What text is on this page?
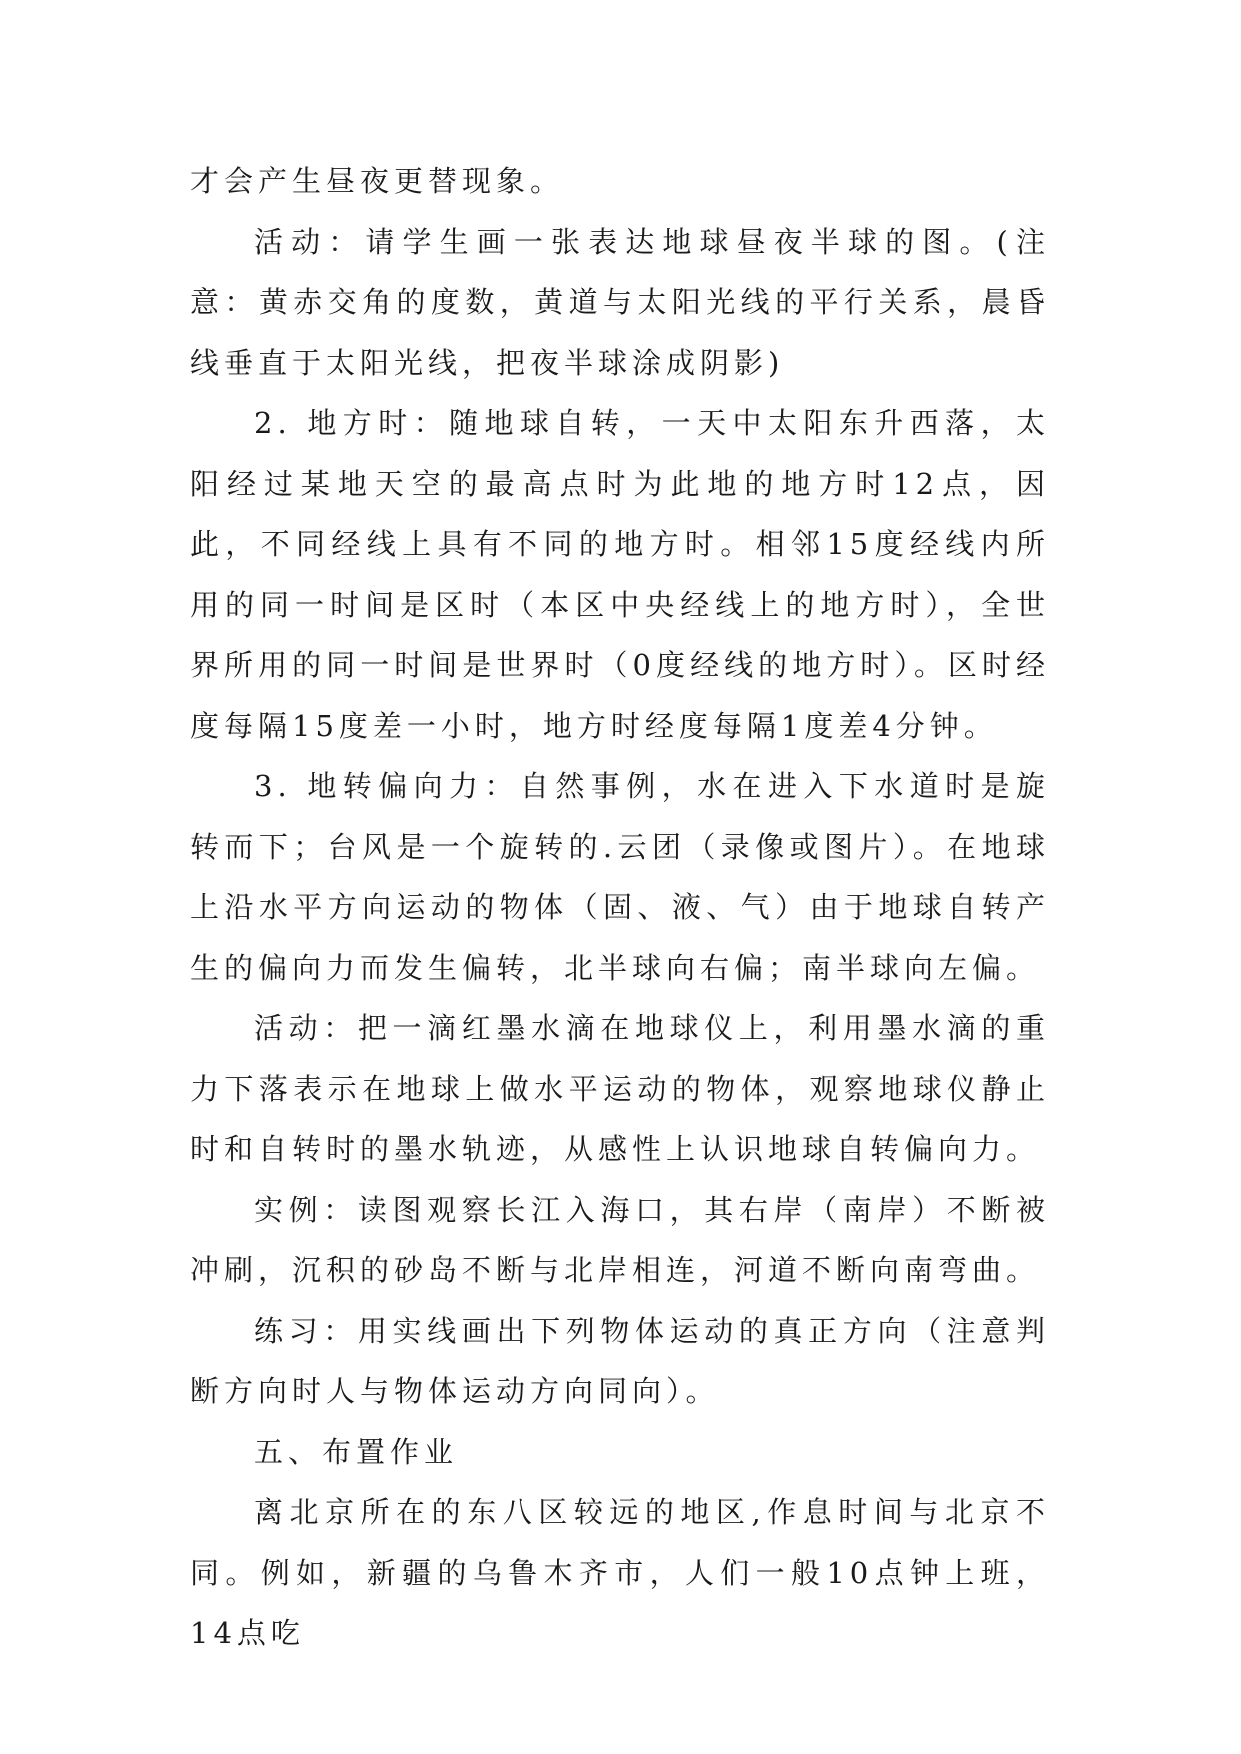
才会产生昼夜更替现象。

活动：请学生画一张表达地球昼夜半球的图。(注意：黄赤交角的度数，黄道与太阳光线的平行关系，晨昏线垂直于太阳光线，把夜半球涂成阴影)

2. 地方时：随地球自转，一天中太阳东升西落，太阳经过某地天空的最高点时为此地的地方时12点，因此，不同经线上具有不同的地方时。相邻15度经线内所用的同一时间是区时（本区中央经线上的地方时），全世界所用的同一时间是世界时（0度经线的地方时）。区时经度每隔15度差一小时，地方时经度每隔1度差4分钟。

3. 地转偏向力：自然事例，水在进入下水道时是旋转而下；台风是一个旋转的.云团（录像或图片）。在地球上沿水平方向运动的物体（固、液、气）由于地球自转产生的偏向力而发生偏转，北半球向右偏；南半球向左偏。

活动：把一滴红墨水滴在地球仪上，利用墨水滴的重力下落表示在地球上做水平运动的物体，观察地球仪静止时和自转时的墨水轨迹，从感性上认识地球自转偏向力。

实例：读图观察长江入海口，其右岸（南岸）不断被冲刷，沉积的砂岛不断与北岸相连，河道不断向南弯曲。

练习：用实线画出下列物体运动的真正方向（注意判断方向时人与物体运动方向同向）。

五、布置作业

离北京所在的东八区较远的地区,作息时间与北京不同。例如，新疆的乌鲁木齐市，人们一般10点钟上班，14点吃
